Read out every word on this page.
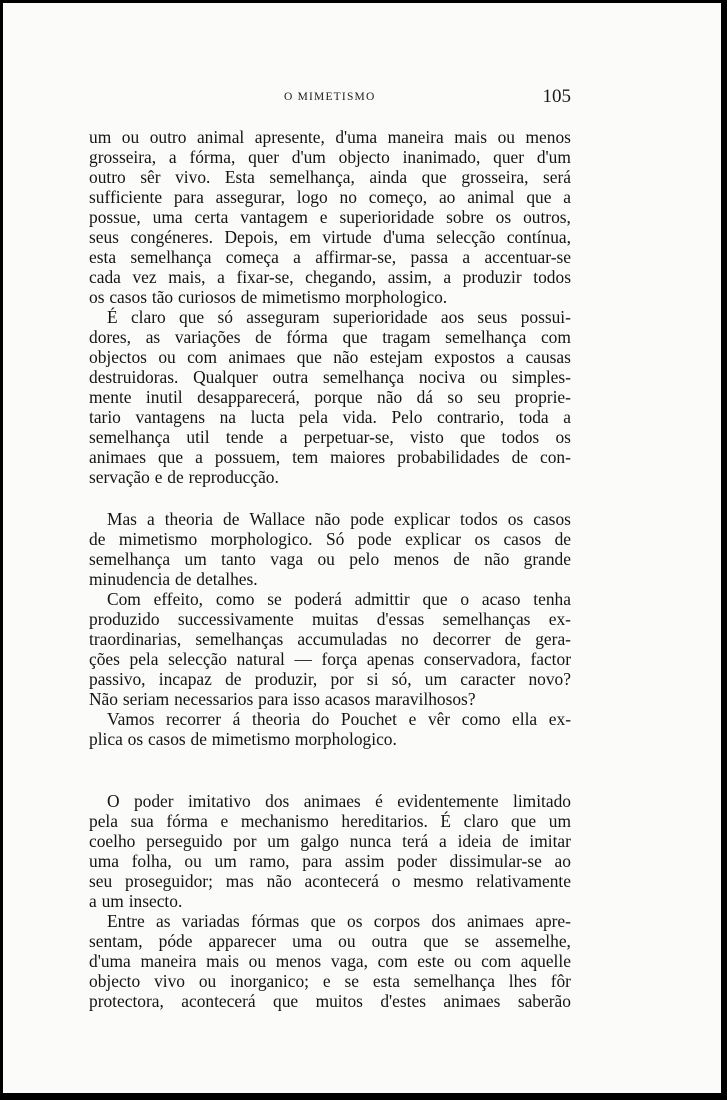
O MIMETISMO	105
um ou outro animal apresente, d'uma maneira mais ou menos
grosseira, a fórma, quer d'um objecto inanimado, quer d'um
outro sêr vivo. Esta semelhança, ainda que grosseira, será
sufficiente para assegurar, logo no começo, ao animal que a
possue, uma certa vantagem e superioridade sobre os outros,
seus congéneres. Depois, em virtude d'uma selecção contínua,
esta semelhança começa a affirmar-se, passa a accentuar-se
cada vez mais, a fixar-se, chegando, assim, a produzir todos
os casos tão curiosos de mimetismo morphologico.
É claro que só asseguram superioridade aos seus possui-
dores, as variações de fórma que tragam semelhança com
objectos ou com animaes que não estejam expostos a causas
destruidoras. Qualquer outra semelhança nociva ou simples-
mente inutil desapparecerá, porque não dá so seu proprie-
tario vantagens na lucta pela vida. Pelo contrario, toda a
semelhança util tende a perpetuar-se, visto que todos os
animaes que a possuem, tem maiores probabilidades de con-
servação e de reproducção.
Mas a theoria de Wallace não pode explicar todos os casos
de mimetismo morphologico. Só pode explicar os casos de
semelhança um tanto vaga ou pelo menos de não grande
minudencia de detalhes.
Com effeito, como se poderá admittir que o acaso tenha
produzido successivamente muitas d'essas semelhanças ex-
traordinarias, semelhanças accumuladas no decorrer de gera-
ções pela selecção natural — força apenas conservadora, factor
passivo, incapaz de produzir, por si só, um caracter novo?
Não seriam necessarios para isso acasos maravilhosos?
Vamos recorrer á theoria do Pouchet e vêr como ella ex-
plica os casos de mimetismo morphologico.
O poder imitativo dos animaes é evidentemente limitado
pela sua fórma e mechanismo hereditarios. É claro que um
coelho perseguido por um galgo nunca terá a ideia de imitar
uma folha, ou um ramo, para assim poder dissimular-se ao
seu proseguidor; mas não acontecerá o mesmo relativamente
a um insecto.
Entre as variadas fórmas que os corpos dos animaes apre-
sentam, póde apparecer uma ou outra que se assemelhe,
d'uma maneira mais ou menos vaga, com este ou com aquelle
objecto vivo ou inorganico; e se esta semelhança lhes fôr
protectora, acontecerá que muitos d'estes animaes saberão
